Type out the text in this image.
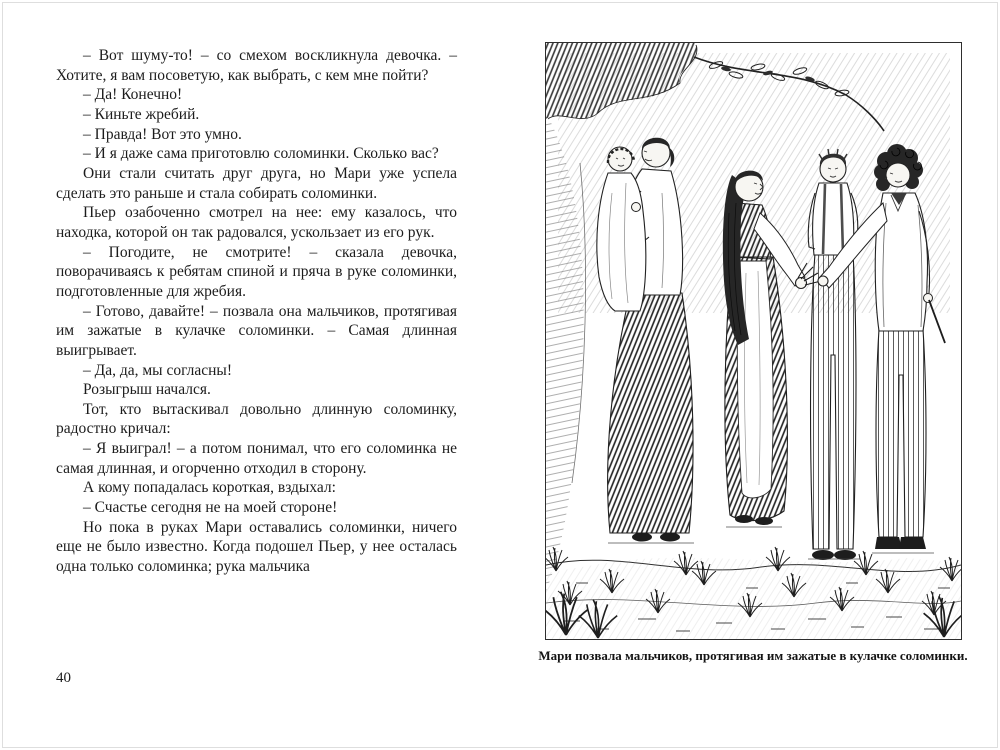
– Вот шуму-то! – со смехом воскликнула девочка. – Хотите, я вам посоветую, как выбрать, с кем мне пойти?

– Да! Конечно!

– Киньте жребий.

– Правда! Вот это умно.

– И я даже сама приготовлю соломинки. Сколько вас?

Они стали считать друг друга, но Мари уже успела сделать это раньше и стала собирать соломинки.

Пьер озабоченно смотрел на нее: ему казалось, что находка, которой он так радовался, ускользает из его рук.

– Погодите, не смотрите! – сказала девочка, поворачиваясь к ребятам спиной и пряча в руке соломинки, подготовленные для жребия.

– Готово, давайте! – позвала она мальчиков, протягивая им зажатые в кулачке соломинки. – Самая длинная выигрывает.

– Да, да, мы согласны!

Розыгрыш начался.

Тот, кто вытаскивал довольно длинную соломинку, радостно кричал:

– Я выиграл! – а потом понимал, что его соломинка не самая длинная, и огорченно отходил в сторону.

А кому попадалась короткая, вздыхал:

– Счастье сегодня не на моей стороне!

Но пока в руках Мари оставались соломинки, ничего еще не было известно. Когда подошел Пьер, у нее осталась одна только соломинка; рука мальчика

40
Мари позвала мальчиков, протягивая им зажатые в кулачке соломинки.
